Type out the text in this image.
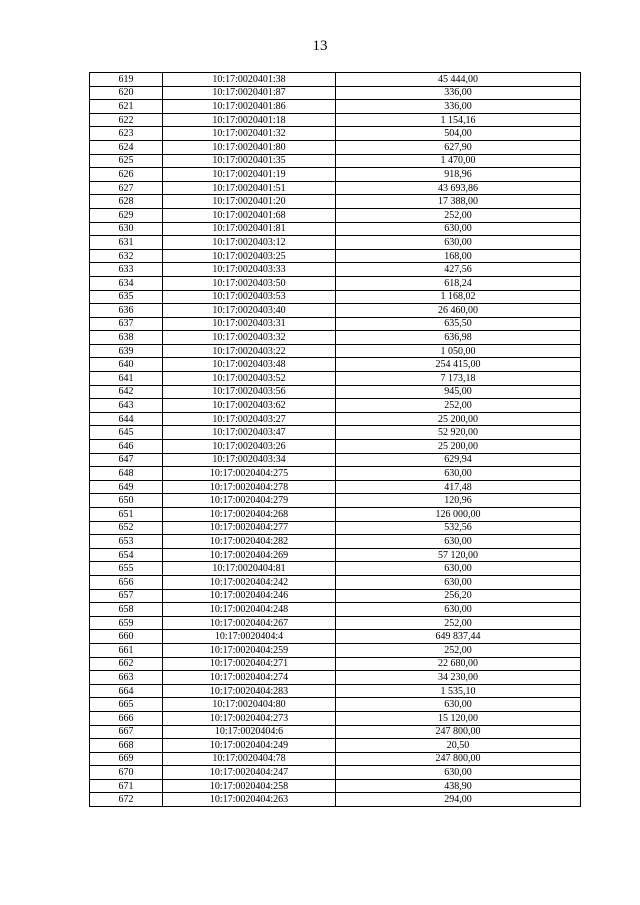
13
619	10:17:0020401:38	45 444,00
620	10:17:0020401:87	336,00
621	10:17:0020401:86	336,00
622	10:17:0020401:18	1 154,16
623	10:17:0020401:32	504,00
624	10:17:0020401:80	627,90
625	10:17:0020401:35	1 470,00
626	10:17:0020401:19	918,96
627	10:17:0020401:51	43 693,86
628	10:17:0020401:20	17 388,00
629	10:17:0020401:68	252,00
630	10:17:0020401:81	630,00
631	10:17:0020403:12	630,00
632	10:17:0020403:25	168,00
633	10:17:0020403:33	427,56
634	10:17:0020403:50	618,24
635	10:17:0020403:53	1 168,02
636	10:17:0020403:40	26 460,00
637	10:17:0020403:31	635,50
638	10:17:0020403:32	636,98
639	10:17:0020403:22	1 050,00
640	10:17:0020403:48	254 415,00
641	10:17:0020403:52	7 173,18
642	10:17:0020403:56	945,00
643	10:17:0020403:62	252,00
644	10:17:0020403:27	25 200,00
645	10:17:0020403:47	52 920,00
646	10:17:0020403:26	25 200,00
647	10:17:0020403:34	629,94
648	10:17:0020404:275	630,00
649	10:17:0020404:278	417,48
650	10:17:0020404:279	120,96
651	10:17:0020404:268	126 000,00
652	10:17:0020404:277	532,56
653	10:17:0020404:282	630,00
654	10:17:0020404:269	57 120,00
655	10:17:0020404:81	630,00
656	10:17:0020404:242	630,00
657	10:17:0020404:246	256,20
658	10:17:0020404:248	630,00
659	10:17:0020404:267	252,00
660	10:17:0020404:4	649 837,44
661	10:17:0020404:259	252,00
662	10:17:0020404:271	22 680,00
663	10:17:0020404:274	34 230,00
664	10:17:0020404:283	1 535,10
665	10:17:0020404:80	630,00
666	10:17:0020404:273	15 120,00
667	10:17:0020404:6	247 800,00
668	10:17:0020404:249	20,50
669	10:17:0020404:78	247 800,00
670	10:17:0020404:247	630,00
671	10:17:0020404:258	438,90
672	10:17:0020404:263	294,00
